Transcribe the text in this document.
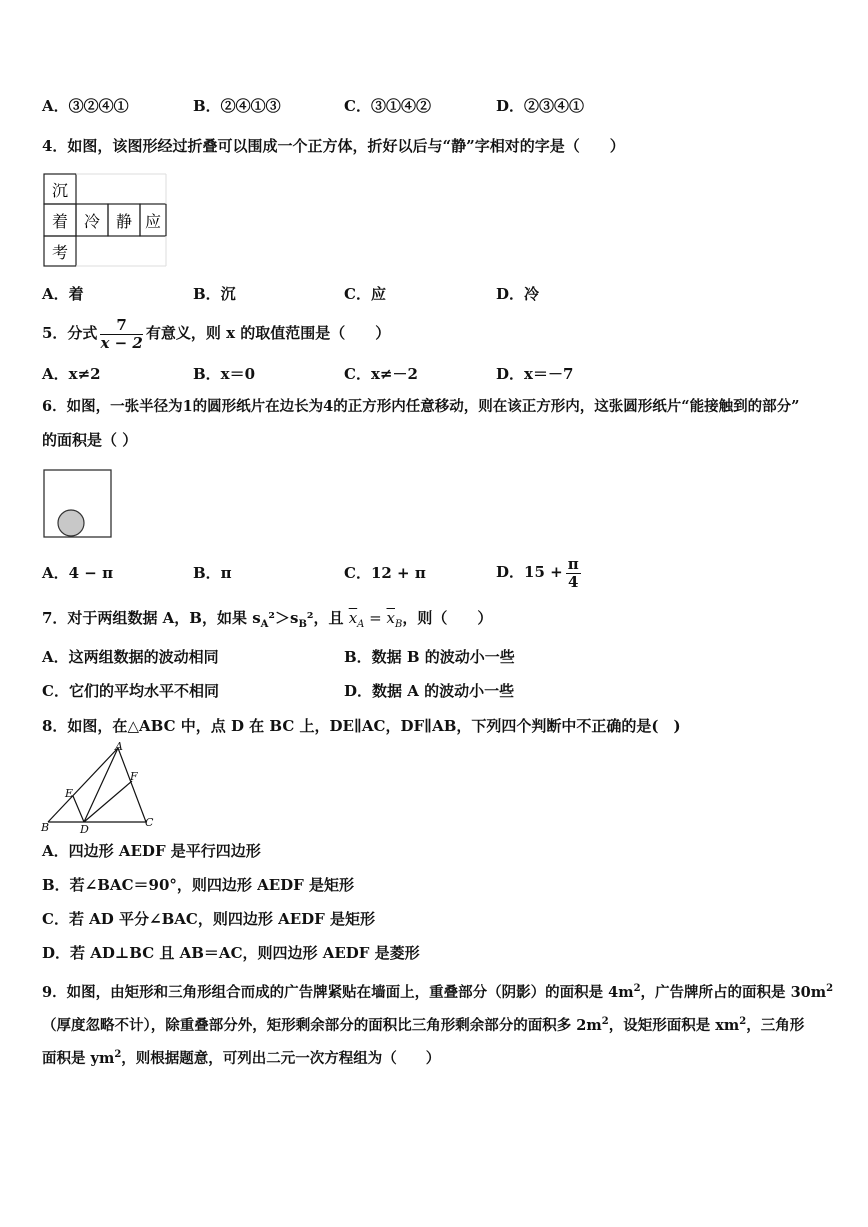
A．③②④①	B．②④①③	C．③①④②	D．②③④①
4．如图，该图形经过折叠可以围成一个正方体，折好以后与“静”字相对的字是（　　）
沉
着 冷 静 应
考
A．着	B．沉	C．应	D．冷
5．分式 $\frac{7}{x - 2}$ 有意义，则 x 的取值范围是（　　）
A．x≠2	B．x＝0	C．x≠－2	D．x＝－7
6．如图，一张半径为1的圆形纸片在边长为4的正方形内任意移动，则在该正方形内，这张圆形纸片“能接触到的部分”
的面积是（ ）
A．4 − π	B．π	C．12 + π	D．$15 + \frac{\pi}{4}$
7．对于两组数据 A，B，如果 $s_A^2>s_B^2$，且 $\overline{x}_A = \overline{x}_B$，则（　　）
A．这两组数据的波动相同	B．数据 B 的波动小一些
C．它们的平均水平不相同	D．数据 A 的波动小一些
8．如图，在△ABC 中，点 D 在 BC 上，DE∥AC，DF∥AB，下列四个判断中不正确的是(　)
A
B	C
D
E
F
A．四边形 AEDF 是平行四边形
B．若∠BAC＝90°，则四边形 AEDF 是矩形
C．若 AD 平分∠BAC，则四边形 AEDF 是矩形
D．若 AD⊥BC 且 AB＝AC，则四边形 AEDF 是菱形
9．如图，由矩形和三角形组合而成的广告牌紧贴在墙面上，重叠部分（阴影）的面积是 $4m^2$，广告牌所占的面积是 $30m^2$
（厚度忽略不计），除重叠部分外，矩形剩余部分的面积比三角形剩余部分的面积多 $2m^2$，设矩形面积是 $xm^2$，三角形
面积是 $ym^2$，则根据题意，可列出二元一次方程组为（　　）
